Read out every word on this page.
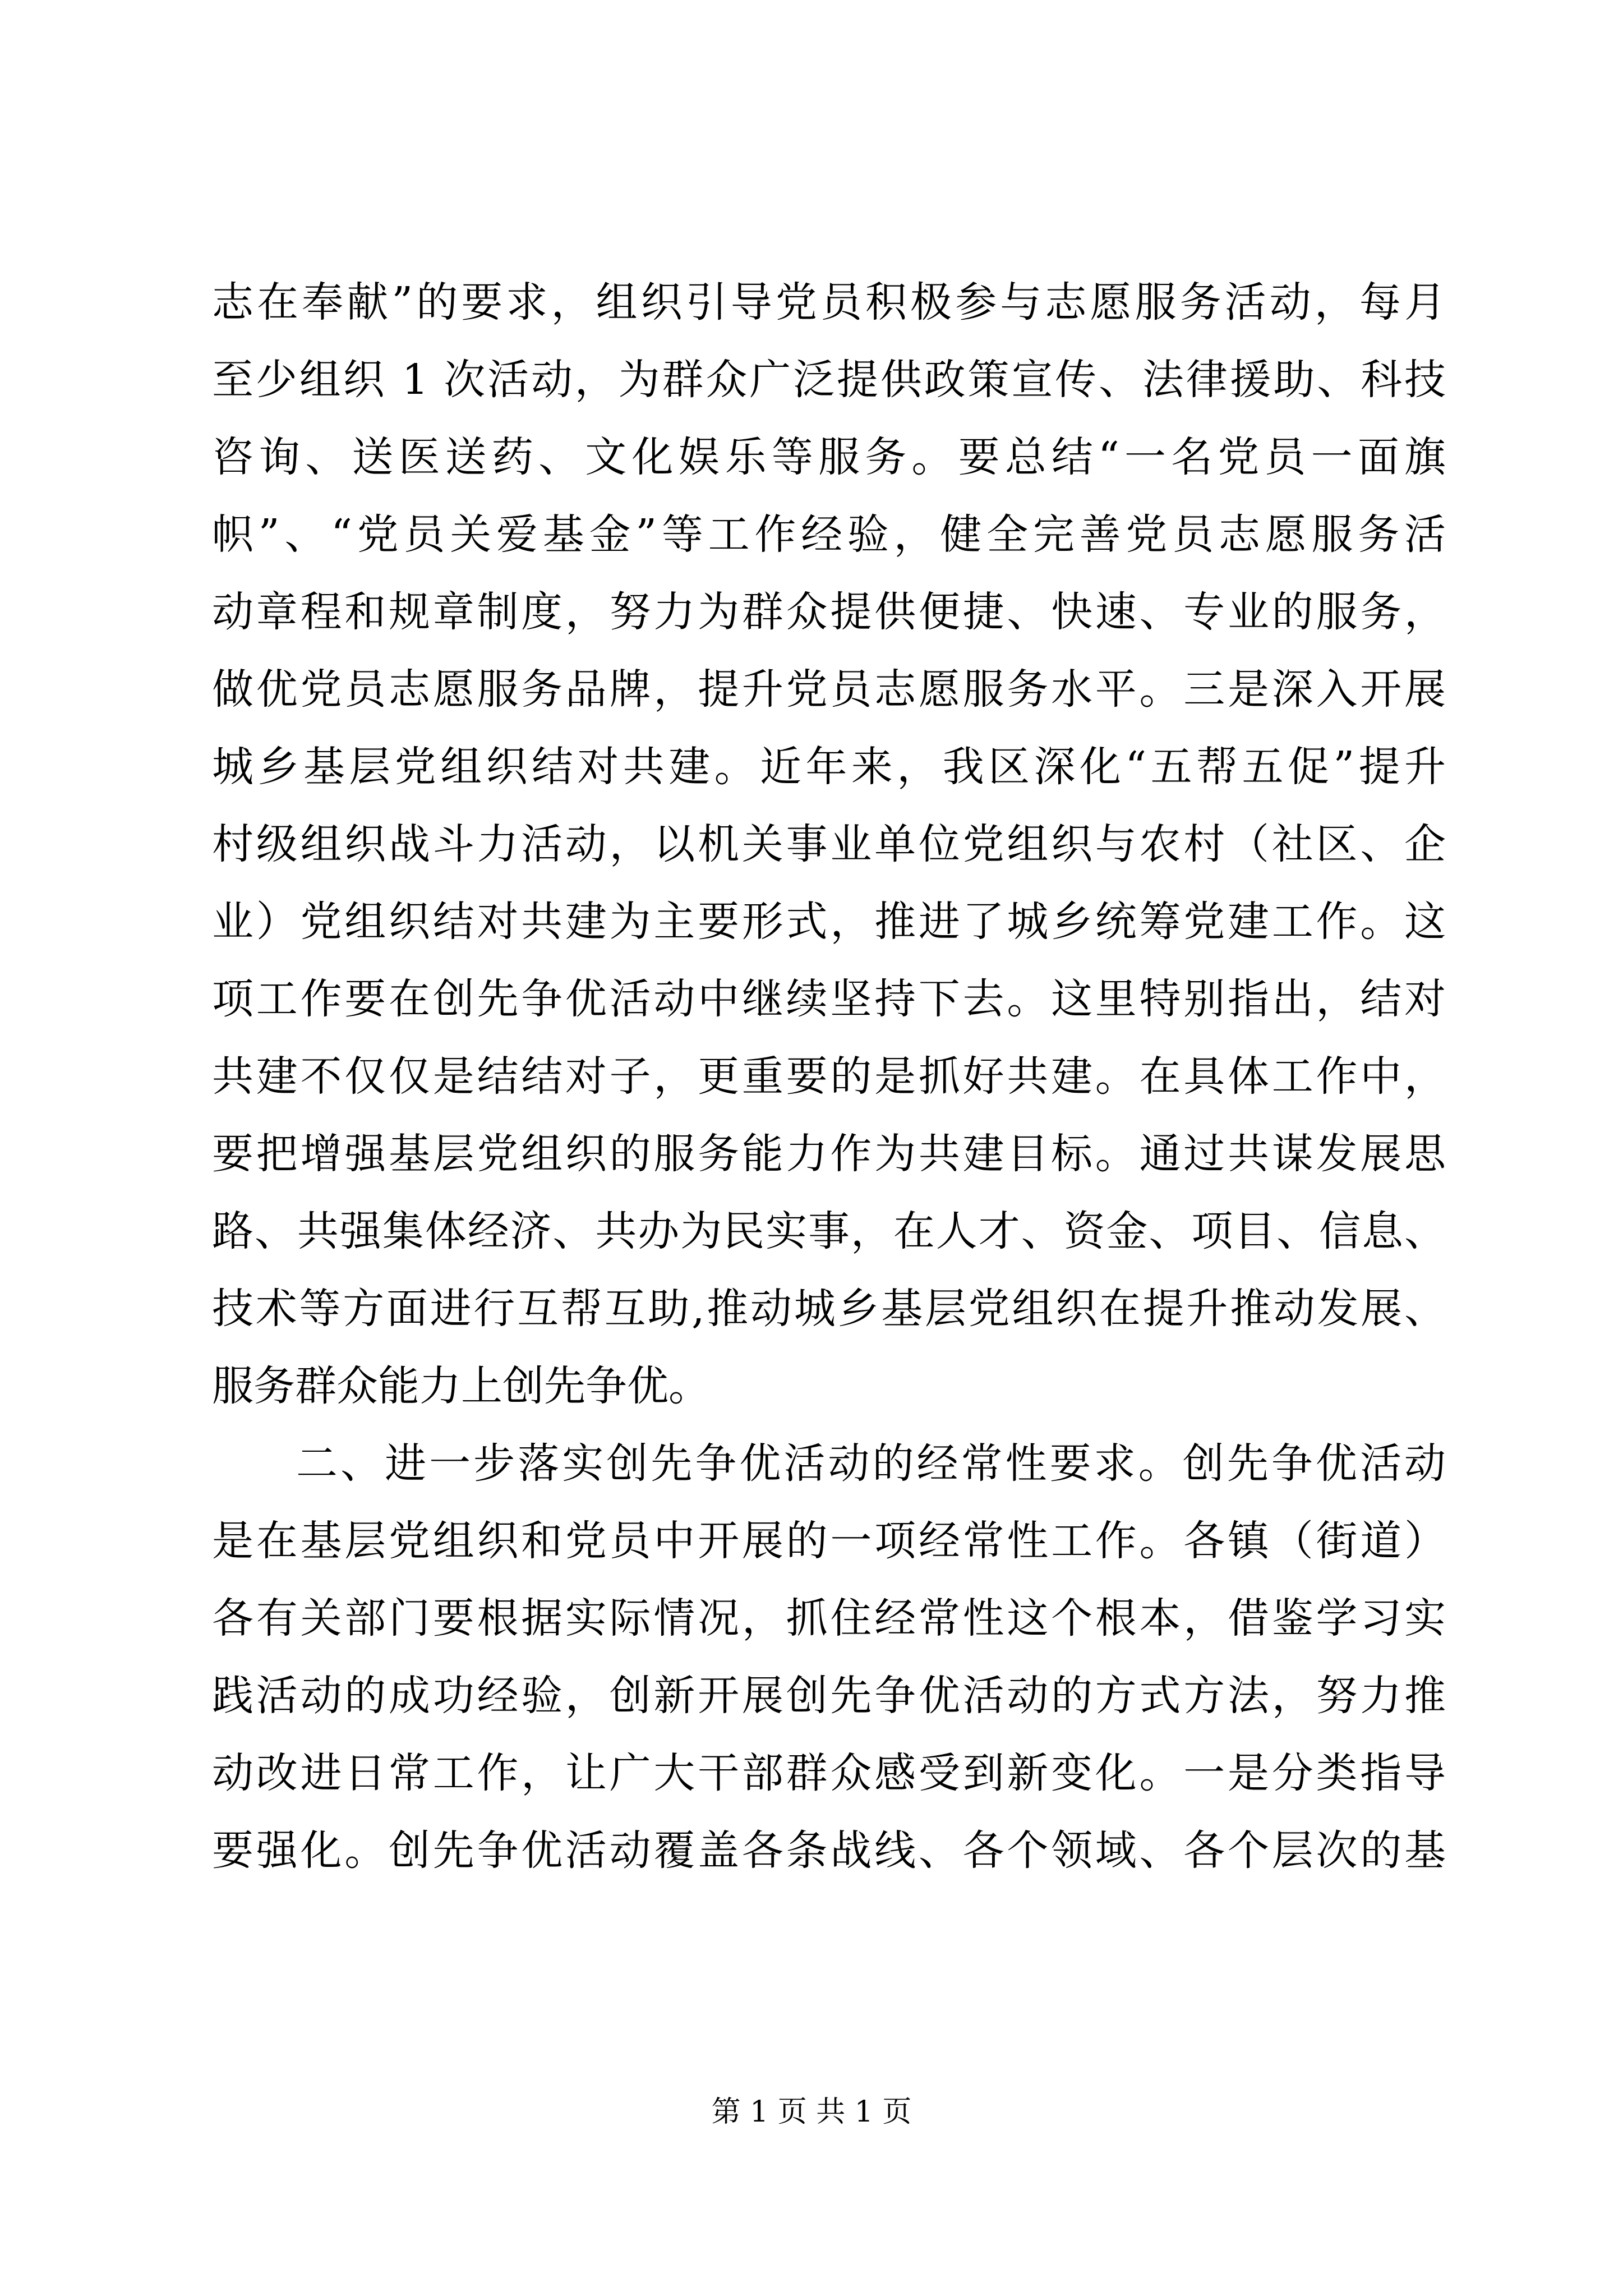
志在奉献”的要求，组织引导党员积极参与志愿服务活动，每月
至少组织 1 次活动，为群众广泛提供政策宣传、法律援助、科技
咨询、送医送药、文化娱乐等服务。要总结“一名党员一面旗
帜”、“党员关爱基金”等工作经验，健全完善党员志愿服务活
动章程和规章制度，努力为群众提供便捷、快速、专业的服务，
做优党员志愿服务品牌，提升党员志愿服务水平。三是深入开展
城乡基层党组织结对共建。近年来，我区深化“五帮五促”提升
村级组织战斗力活动，以机关事业单位党组织与农村（社区、企
业）党组织结对共建为主要形式，推进了城乡统筹党建工作。这
项工作要在创先争优活动中继续坚持下去。这里特别指出，结对
共建不仅仅是结结对子，更重要的是抓好共建。在具体工作中，
要把增强基层党组织的服务能力作为共建目标。通过共谋发展思
路、共强集体经济、共办为民实事，在人才、资金、项目、信息、
技术等方面进行互帮互助,推动城乡基层党组织在提升推动发展、
服务群众能力上创先争优。
二、进一步落实创先争优活动的经常性要求。创先争优活动
是在基层党组织和党员中开展的一项经常性工作。各镇（街道）
各有关部门要根据实际情况，抓住经常性这个根本，借鉴学习实
践活动的成功经验，创新开展创先争优活动的方式方法，努力推
动改进日常工作，让广大干部群众感受到新变化。一是分类指导
要强化。创先争优活动覆盖各条战线、各个领域、各个层次的基
第 1 页 共 1 页
